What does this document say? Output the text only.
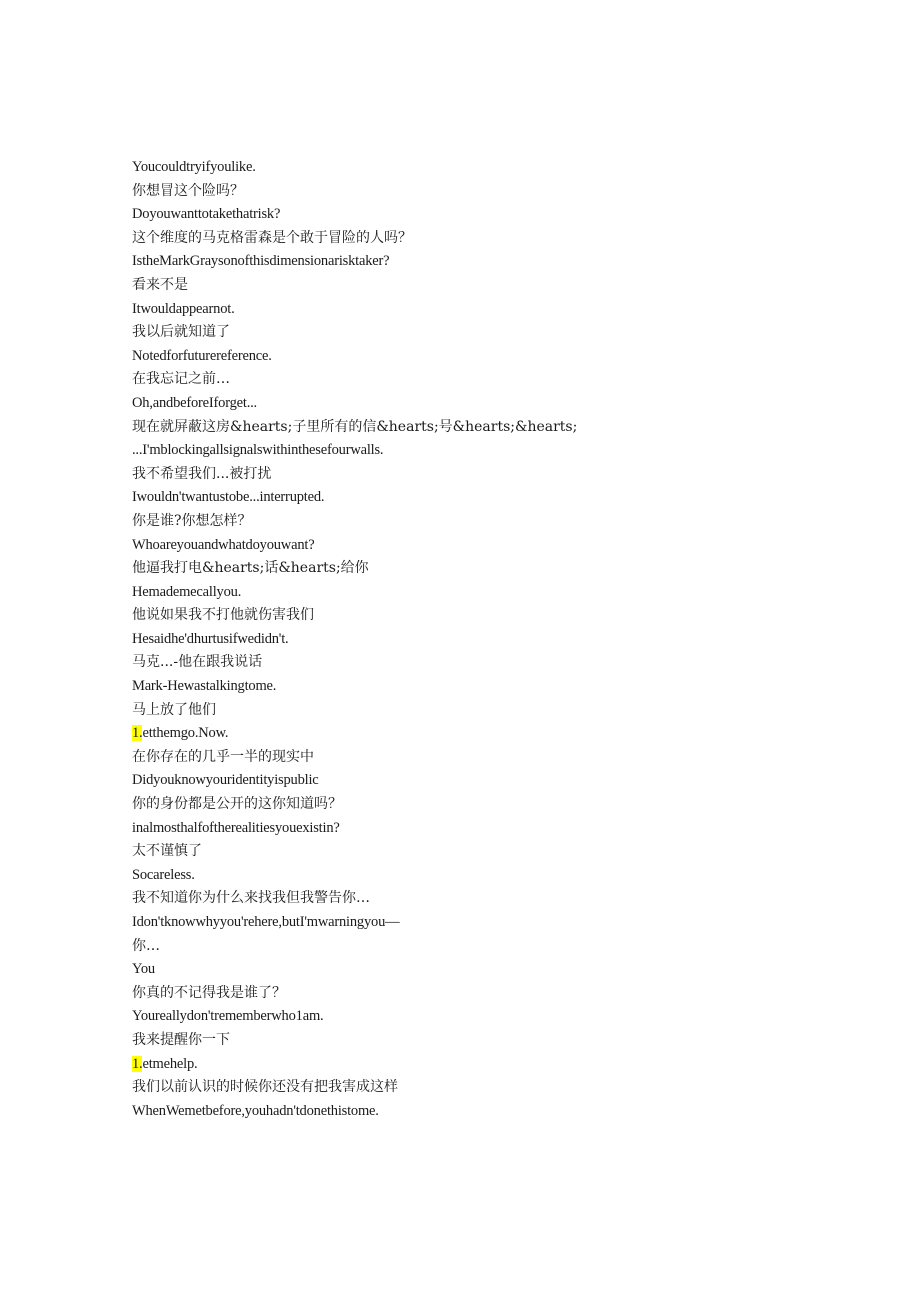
Youcouldtryifyoulike.
你想冒这个险吗？
Doyouwanttotakethatrisk?
这个维度的马克格雷森是个敢于冒险的人吗？
IstheMarkGraysonofthisdimensionarisktaker?
看来不是
Itwouldappearnot.
我以后就知道了
Notedforfuturereference.
在我忘记之前…
Oh,andbeforeIforget...
现在就屏蔽这房&hearts;子里所有的信&hearts;号&hearts;&hearts;
...I'mblockingallsignalswithinthesefourwalls.
我不希望我们...被打扰
Iwouldn'twantustobe...interrupted.
你是谁?你想怎样？
Whoareyouandwhatdoyouwant?
他逼我打电&hearts;话&hearts;给你
Hemademecallyou.
他说如果我不打他就伤害我们
Hesaidhe'dhurtusifwedidn't.
马克...-他在跟我说话
Mark-Hewastalkingtome.
马上放了他们
1.etthemgo.Now.
在你存在的几乎一半的现实中
Didyouknowyouridentityispublic
你的身份都是公开的这你知道吗？
inalmosthalfoftherealitiesyouexistin?
太不谨慎了
Socareless.
我不知道你为什么来找我但我警告你…
Idon'tknowwhyyou'rehere,butI'mwarningyou—
你…
You
你真的不记得我是谁了？
Youreallydon'trememberwho1am.
我来提醒你一下
1.etmehelp.
我们以前认识的时候你还没有把我害成这样
WhenWemetbefore,youhadn'tdonethistome.
